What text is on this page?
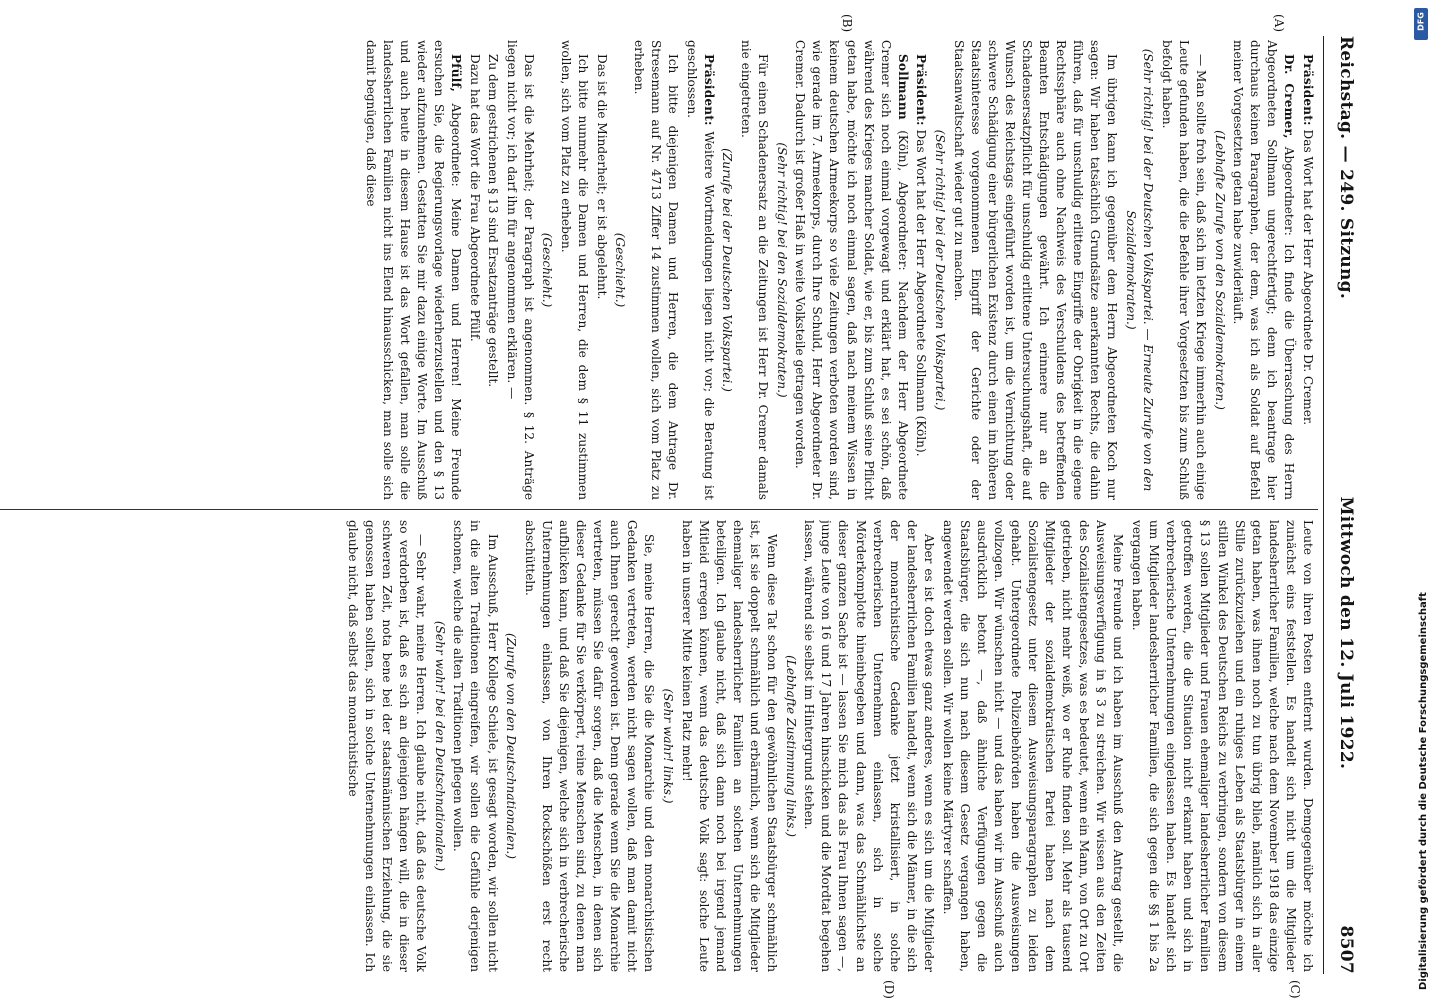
Reichstag. — 249. Sitzung.
Mittwoch den 12. Juli 1922. 8507
(A)
(B)
(C)
(D)

Präsident: Das Wort hat der Herr Abgeordnete Dr. Cremer.

Dr. Cremer, Abgeordneter: Ich finde die Überraschung des Herrn Abgeordneten Sollmann ungerechtfertigt; denn ich beantrage hier durchaus keinen Paragraphen, der dem, was ich als Soldat auf Befehl meiner Vorgesetzten getan habe zuwiderläuft.

(Lebhafte Zurufe von den Sozialdemokraten.)

— Man sollte froh sein, daß sich im letzten Kriege immerhin auch einige Leute gefunden haben, die die Befehle ihrer Vorgesetzten bis zum Schluß befolgt haben.

(Sehr richtig! bei der Deutschen Volkspartei. — Erneute Zurufe von den Sozialdemokraten.)

Im übrigen kann ich gegenüber dem Herrn Abgeordneten Koch nur sagen: Wir haben tatsächlich Grundsätze anerkannten Rechts, die dahin führen, daß für unschuldig erlittene Eingriffe der Obrigkeit in die eigene Rechtssphäre auch ohne Nachweis des Verschuldens des betreffenden Beamten Entschädigungen gewährt. Ich erinnere nur an die Schadensersatzpflicht für unschuldig erlittene Untersuchungshaft, die auf Wunsch des Reichstags eingeführt worden ist, um die Vernichtung oder schwere Schädigung einer bürgerlichen Existenz durch einen im höheren Staatsinteresse vorgenommenen Eingriff der Gerichte oder der Staatsanwaltschaft wieder gut zu machen.

(Sehr richtig! bei der Deutschen Volkspartei.)

Präsident: Das Wort hat der Herr Abgeordnete Sollmann (Köln).

Sollmann (Köln), Abgeordneter: Nachdem der Herr Abgeordnete Cremer sich noch einmal vorgewagt und erklärt hat, es sei schön, daß während des Krieges mancher Soldat, wie er, bis zum Schluß seine Pflicht getan habe, möchte ich noch einmal sagen, daß nach meinem Wissen in keinem deutschen Armeekorps so viele Zeitungen verboten worden sind, wie gerade im 7. Armeekorps, durch Ihre Schuld, Herr Abgeordneter Dr. Cremer. Dadurch ist großer Haß in weite Volksteile getragen worden.

(Sehr richtig! bei den Sozialdemokraten.)

Für einen Schadenersatz an die Zeitungen ist Herr Dr. Cremer damals nie eingetreten.

(Zurufe bei der Deutschen Volkspartei.)

Präsident: Weitere Wortmeldungen liegen nicht vor; die Beratung ist geschlossen.

Ich bitte diejenigen Damen und Herren, die dem Antrage Dr. Stresemann auf Nr. 4713 Ziffer 14 zustimmen wollen, sich vom Platz zu erheben.

(Geschieht.)

Das ist die Minderheit; er ist abgelehnt.

Ich bitte nunmehr die Damen und Herren, die dem § 11 zustimmen wollen, sich vom Platz zu erheben.

(Geschieht.)

Das ist die Mehrheit; der Paragraph ist angenommen. § 12. Anträge liegen nicht vor; ich darf ihn für angenommen erklären. —

Zu dem gestrichenen § 13 sind Ersatzanträge gestellt.

Dazu hat das Wort die Frau Abgeordnete Pfülf.

Pfülf, Abgeordnete: Meine Damen und Herren! Meine Freunde ersuchen Sie, die Regierungsvorlage wiederherzustellen und den § 13 wieder aufzunehmen. Gestatten Sie mir dazu einige Worte. Im Ausschuß und auch heute in diesem Hause ist das Wort gefallen, man solle die landesherrlichen Familien nicht ins Elend hinausschicken, man solle sich damit begnügen, daß diese

Leute von ihren Posten entfernt wurden. Demgegenüber möchte ich zunächst eins feststellen. Es handelt sich nicht um die Mitglieder landesherrlicher Familien, welche nach dem November 1918 das einzige getan haben, was ihnen noch zu tun übrig blieb, nämlich sich in aller Stille zurückzuziehen und ein ruhiges Leben als Staatsbürger in einem stillen Winkel des Deutschen Reichs zu verbringen, sondern von diesem § 13 sollen Mitglieder und Frauen ehemaliger landesherrlicher Familien getroffen werden, die die Situation nicht erkannt haben und sich in verbrecherische Unternehmungen eingelassen haben. Es handelt sich um Mitglieder landesherrlicher Familien, die sich gegen die §§ 1 bis 2a vergangen haben.

Meine Freunde und ich haben im Ausschuß den Antrag gestellt, die Ausweisungsverfügung in § 3 zu streichen. Wir wissen aus den Zeiten des Sozialistengesetzes, was es bedeutet, wenn ein Mann, von Ort zu Ort getrieben, nicht mehr weiß, wo er Ruhe finden soll. Mehr als tausend Mitglieder der sozialdemokratischen Partei haben nach dem Sozialistengesetz unter diesem Ausweisungsparagraphen zu leiden gehabt. Untergeordnete Polizeibehörden haben die Ausweisungen vollzogen. Wir wünschen nicht — und das haben wir im Ausschuß auch ausdrücklich betont —, daß ähnliche Verfügungen gegen die Staatsbürger, die sich nun nach diesem Gesetz vergangen haben, angewendet werden sollen. Wir wollen keine Märtyrer schaffen.

Aber es ist doch etwas ganz anderes, wenn es sich um die Mitglieder der landesherrlichen Familien handelt, wenn sich die Männer, in die sich der monarchistische Gedanke jetzt kristallisiert, in solche verbrecherischen Unternehmen einlassen, sich in solche Mörderkomplotte hineinbegeben und dann, was das Schmählichste an dieser ganzen Sache ist — lassen Sie mich das als Frau Ihnen sagen —, junge Leute von 16 und 17 Jahren hinschicken und die Mordtat begehen lassen, während sie selbst im Hintergrund stehen.

(Lebhafte Zustimmung links.)

Wenn diese Tat schon für den gewöhnlichen Staatsbürger schmählich ist, ist sie doppelt schmählich und erbärmlich, wenn sich die Mitglieder ehemaliger landesherrlicher Familien an solchen Unternehmungen beteiligen. Ich glaube nicht, daß sich dann noch bei irgend jemand Mitleid erregen können, wenn das deutsche Volk sagt: solche Leute haben in unserer Mitte keinen Platz mehr!

(Sehr wahr! links.)

Sie, meine Herren, die Sie die Monarchie und den monarchistischen Gedanken vertreten, werden nicht sagen wollen, daß man damit nicht auch Ihnen gerecht geworden ist. Denn gerade wenn Sie die Monarchie vertreten, müssen Sie dafür sorgen, daß die Menschen, in denen sich dieser Gedanke für Sie verkörpert, reine Menschen sind, zu denen man aufblicken kann, und daß Sie diejenigen, welche sich in verbrecherische Unternehmungen einlassen, von Ihren Rockschößen erst recht abschütteln.

(Zurufe von den Deutschnationalen.)

Im Ausschuß, Herr Kollege Schiele, ist gesagt worden, wir sollen nicht in die alten Traditionen eingreifen, wir sollen die Gefühle derjenigen schonen, welche die alten Traditionen pflegen wollen.

(Sehr wahr! bei den Deutschnationalen.)

— Sehr wahr, meine Herren. Ich glaube nicht, daß das deutsche Volk so verdorben ist, daß es sich an diejenigen hängen will, die in dieser schweren Zeit, nota bene bei der staatsmännischen Erziehung, die sie genossen haben sollten, sich in solche Unternehmungen einlassen. Ich glaube nicht, daß selbst das monarchistische

DFG
Digitalisierung gefördert durch die Deutsche Forschungsgemeinschaft
